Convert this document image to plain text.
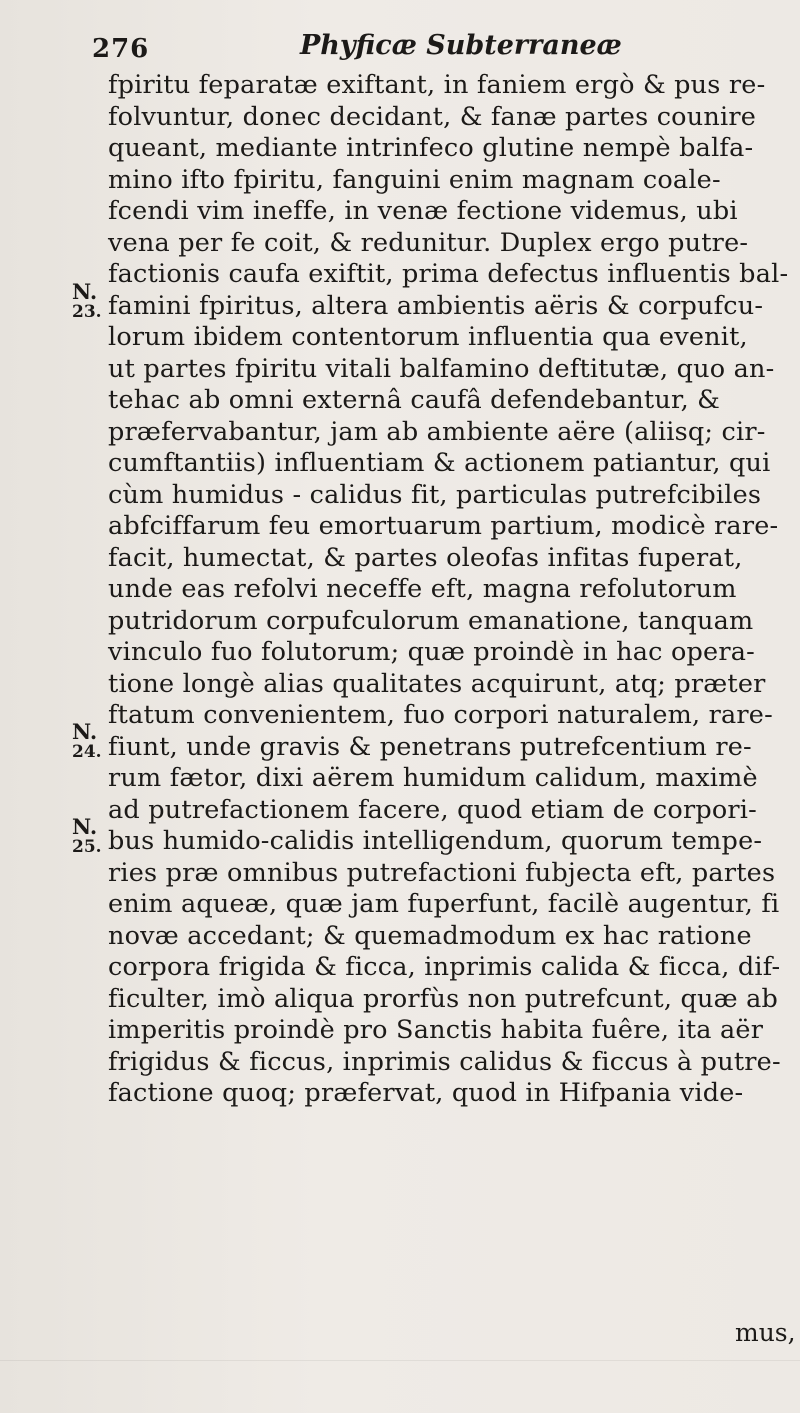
276	Phyficæ Subterraneæ
fpiritu feparatæ exiftant, in faniem ergò & pus re-
folvuntur, donec decidant, & fanæ partes counire
queant, mediante intrinfeco glutine nempè balfa-
mino ifto fpiritu, fanguini enim magnam coale-
fcendi vim ineffe, in venæ fectione videmus, ubi
vena per fe coit, & redunitur. Duplex ergo putre-
factionis caufa exiftit, prima defectus influentis bal-
famini fpiritus, altera ambientis aëris & corpufcu-
lorum ibidem contentorum influentia qua evenit,
ut partes fpiritu vitali balfamino deftitutæ, quo an-
tehac ab omni externâ caufâ defendebantur, &
præfervabantur, jam ab ambiente aëre (aliisq; cir-
cumftantiis) influentiam & actionem patiantur, qui
cùm humidus - calidus fit, particulas putrefcibiles
abfciffarum feu emortuarum partium, modicè rare-
facit, humectat, & partes oleofas infitas fuperat,
unde eas refolvi neceffe eft, magna refolutorum
putridorum corpufculorum emanatione, tanquam
vinculo fuo folutorum; quæ proindè in hac opera-
tione longè alias qualitates acquirunt, atq; præter
ftatum convenientem, fuo corpori naturalem, rare-
fiunt, unde gravis & penetrans putrefcentium re-
rum fætor, dixi aërem humidum calidum, maximè
ad putrefactionem facere, quod etiam de corpori-
bus humido-calidis intelligendum, quorum tempe-
ries præ omnibus putrefactioni fubjecta eft, partes
enim aqueæ, quæ jam fuperfunt, facilè augentur, fi
novæ accedant; & quemadmodum ex hac ratione
corpora frigida & ficca, inprimis calida & ficca, dif-
ficulter, imò aliqua prorfùs non putrefcunt, quæ ab
imperitis proindè pro Sanctis habita fuêre, ita aër
frigidus & ficcus, inprimis calidus & ficcus à putre-
factione quoq; præfervat, quod in Hifpania vide-
N.
23.
N.
24.
N.
25.
mus,
